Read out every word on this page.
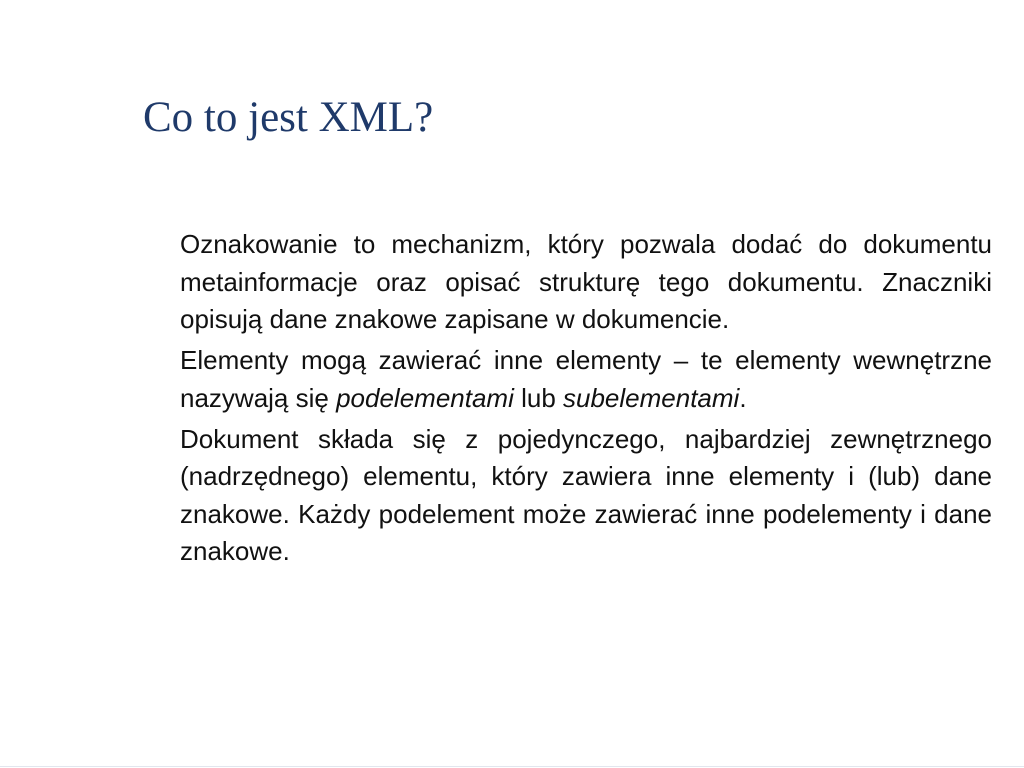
Co to jest XML?

Oznakowanie to mechanizm, który pozwala dodać do dokumentu metainformacje oraz opisać strukturę tego dokumentu. Znaczniki opisują dane znakowe zapisane w dokumencie.

Elementy mogą zawierać inne elementy – te elementy wewnętrzne nazywają się podelementami lub subelementami.

Dokument składa się z pojedynczego, najbardziej zewnętrznego (nadrzędnego) elementu, który zawiera inne elementy i (lub) dane znakowe. Każdy podelement może zawierać inne podelementy i dane znakowe.
